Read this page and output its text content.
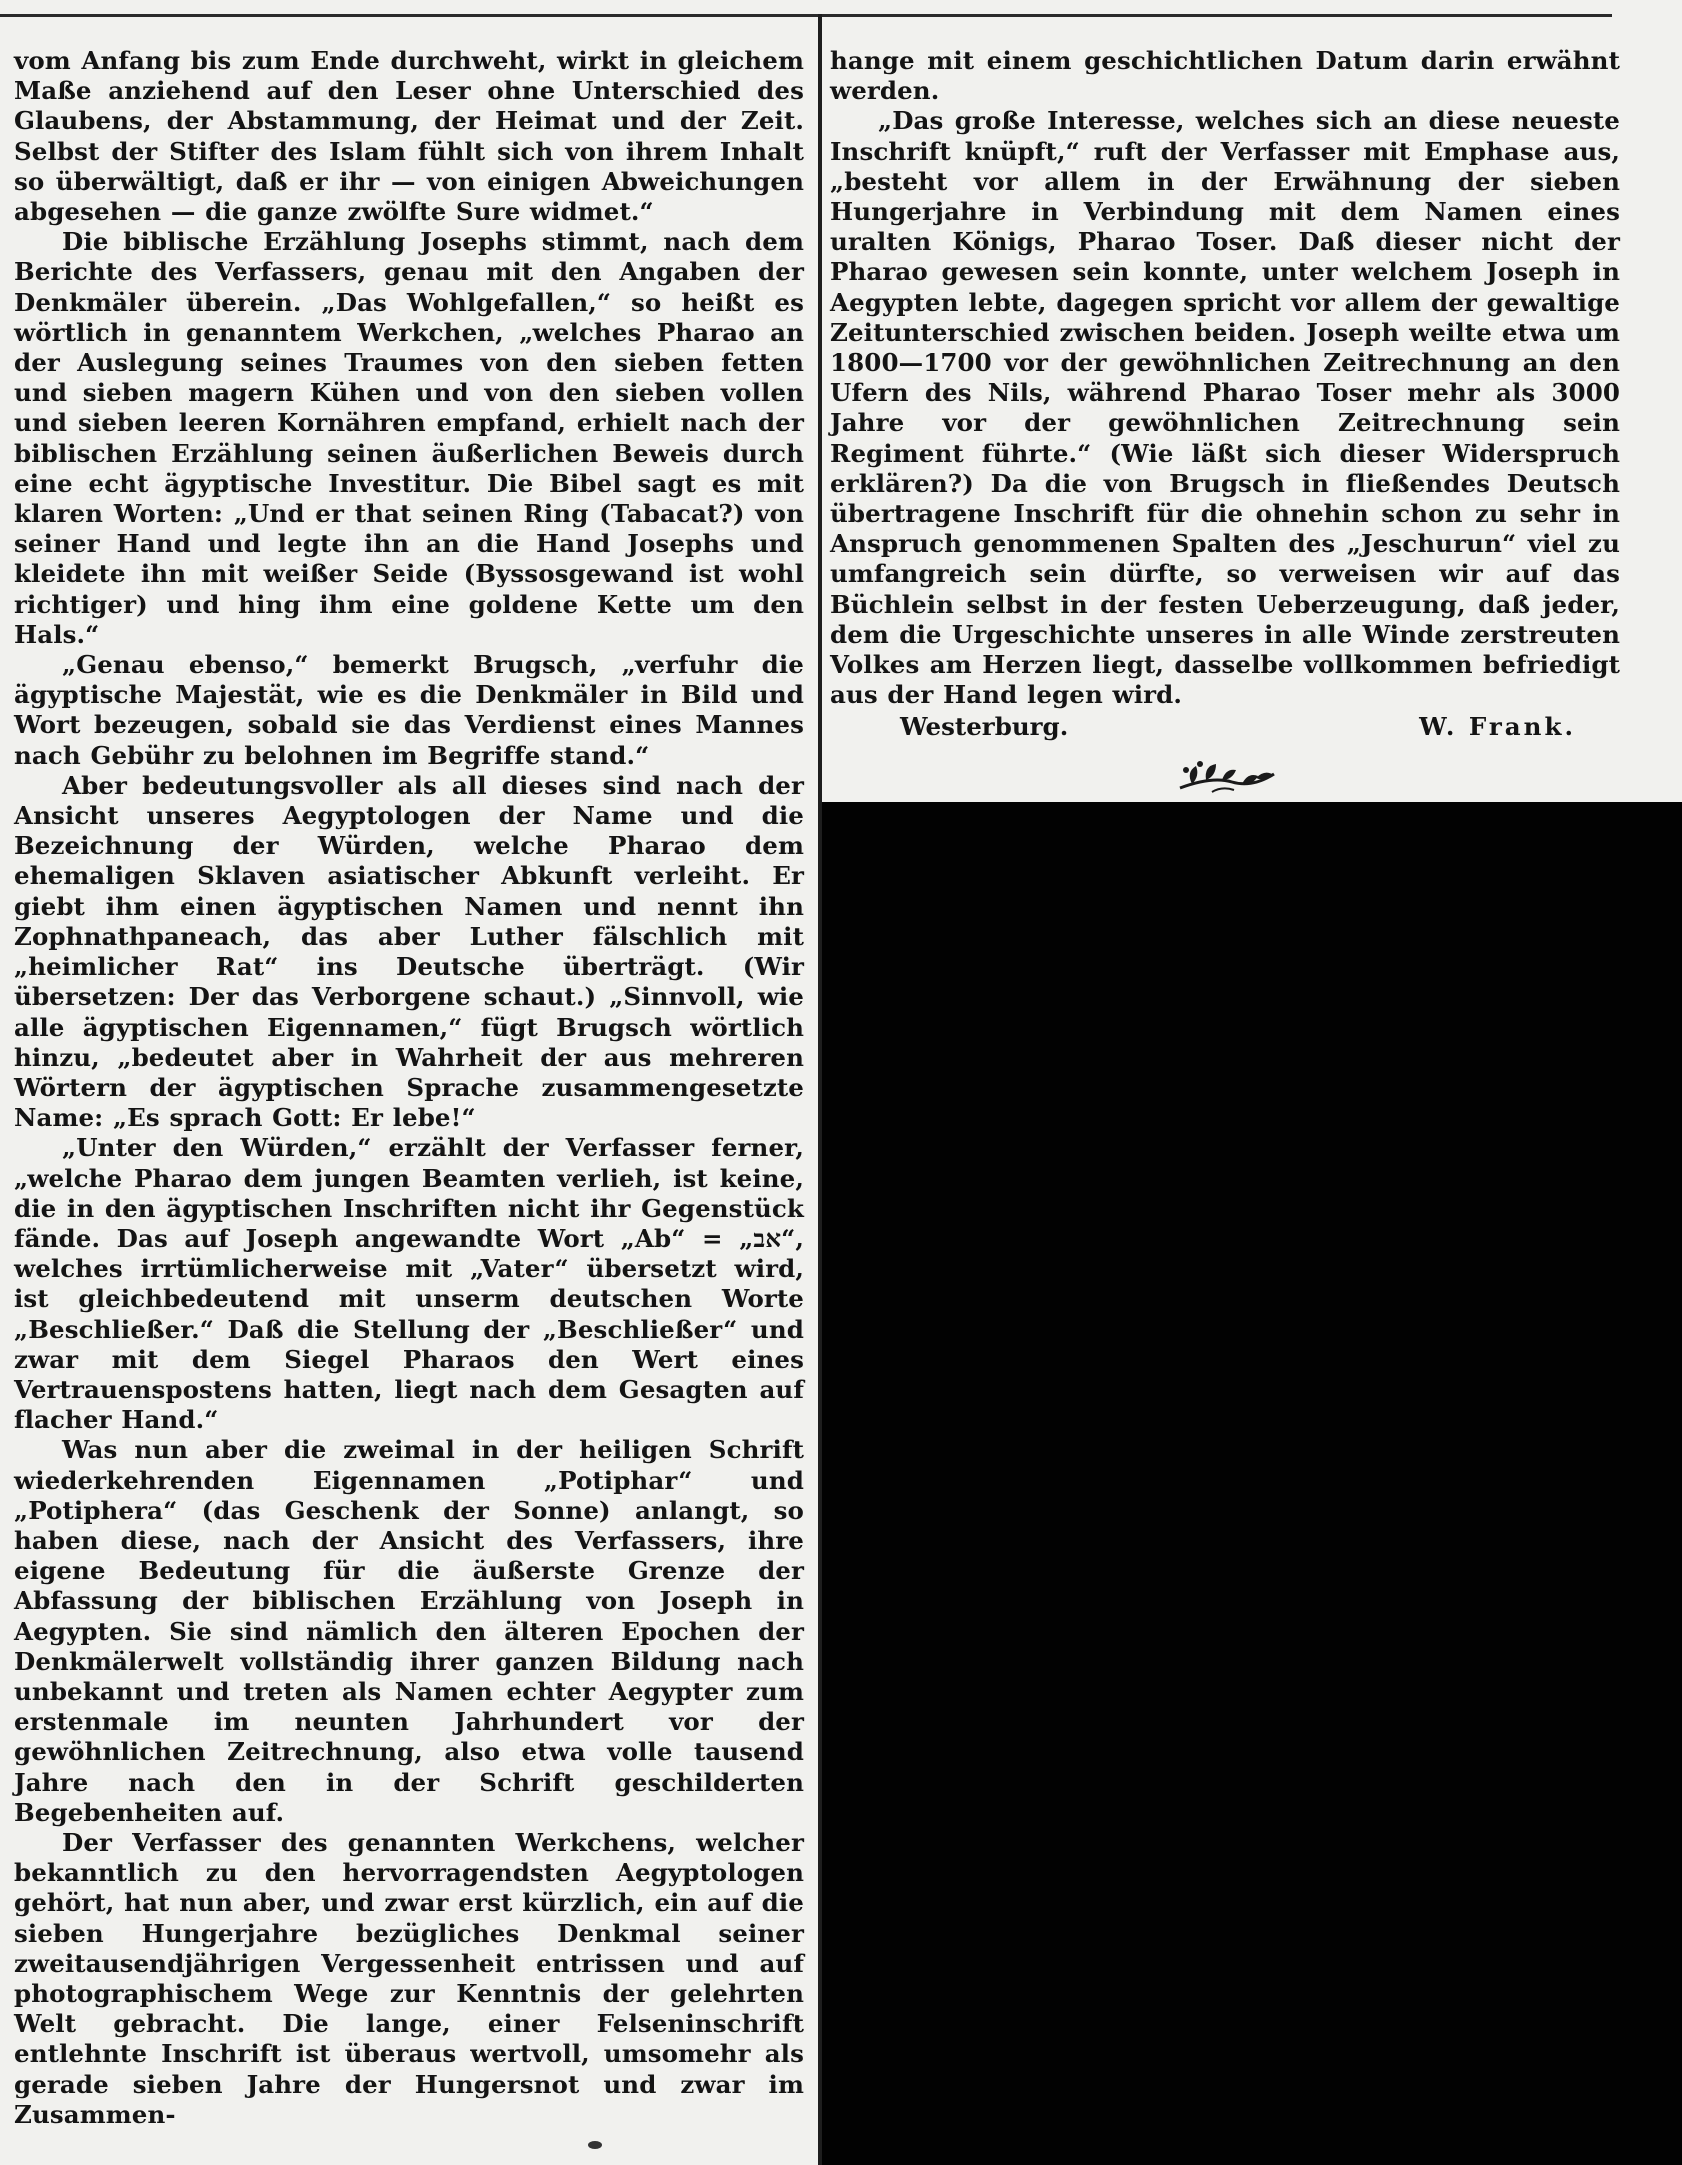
vom Anfang bis zum Ende durchweht, wirkt in gleichem Maße anziehend auf den Leser ohne Unterschied des Glaubens, der Abstammung, der Heimat und der Zeit. Selbst der Stifter des Islam fühlt sich von ihrem Inhalt so überwältigt, daß er ihr — von einigen Abweichungen abgesehen — die ganze zwölfte Sure widmet.“

Die biblische Erzählung Josephs stimmt, nach dem Berichte des Verfassers, genau mit den Angaben der Denkmäler überein. „Das Wohlgefallen,“ so heißt es wörtlich in genanntem Werkchen, „welches Pharao an der Auslegung seines Traumes von den sieben fetten und sieben magern Kühen und von den sieben vollen und sieben leeren Kornähren empfand, erhielt nach der biblischen Erzählung seinen äußerlichen Beweis durch eine echt ägyptische Investitur. Die Bibel sagt es mit klaren Worten: „Und er that seinen Ring (Tabacat?) von seiner Hand und legte ihn an die Hand Josephs und kleidete ihn mit weißer Seide (Byssosgewand ist wohl richtiger) und hing ihm eine goldene Kette um den Hals.“

„Genau ebenso,“ bemerkt Brugsch, „verfuhr die ägyptische Majestät, wie es die Denkmäler in Bild und Wort bezeugen, sobald sie das Verdienst eines Mannes nach Gebühr zu belohnen im Begriffe stand.“

Aber bedeutungsvoller als all dieses sind nach der Ansicht unseres Aegyptologen der Name und die Bezeichnung der Würden, welche Pharao dem ehemaligen Sklaven asiatischer Abkunft verleiht. Er giebt ihm einen ägyptischen Namen und nennt ihn Zophnathpaneach, das aber Luther fälschlich mit „heimlicher Rat“ ins Deutsche überträgt. (Wir übersetzen: Der das Verborgene schaut.) „Sinnvoll, wie alle ägyptischen Eigennamen,“ fügt Brugsch wörtlich hinzu, „bedeutet aber in Wahrheit der aus mehreren Wörtern der ägyptischen Sprache zusammengesetzte Name: „Es sprach Gott: Er lebe!“

„Unter den Würden,“ erzählt der Verfasser ferner, „welche Pharao dem jungen Beamten verlieh, ist keine, die in den ägyptischen Inschriften nicht ihr Gegenstück fände. Das auf Joseph angewandte Wort „Ab“ = „אב“, welches irrtümlicherweise mit „Vater“ übersetzt wird, ist gleichbedeutend mit unserm deutschen Worte „Beschließer.“ Daß die Stellung der „Beschließer“ und zwar mit dem Siegel Pharaos den Wert eines Vertrauenspostens hatten, liegt nach dem Gesagten auf flacher Hand.“

Was nun aber die zweimal in der heiligen Schrift wiederkehrenden Eigennamen „Potiphar“ und „Potiphera“ (das Geschenk der Sonne) anlangt, so haben diese, nach der Ansicht des Verfassers, ihre eigene Bedeutung für die äußerste Grenze der Abfassung der biblischen Erzählung von Joseph in Aegypten. Sie sind nämlich den älteren Epochen der Denkmälerwelt vollständig ihrer ganzen Bildung nach unbekannt und treten als Namen echter Aegypter zum erstenmale im neunten Jahrhundert vor der gewöhnlichen Zeitrechnung, also etwa volle tausend Jahre nach den in der Schrift geschilderten Begebenheiten auf.

Der Verfasser des genannten Werkchens, welcher bekanntlich zu den hervorragendsten Aegyptologen gehört, hat nun aber, und zwar erst kürzlich, ein auf die sieben Hungerjahre bezügliches Denkmal seiner zweitausendjährigen Vergessenheit entrissen und auf photographischem Wege zur Kenntnis der gelehrten Welt gebracht. Die lange, einer Felseninschrift entlehnte Inschrift ist überaus wertvoll, umsomehr als gerade sieben Jahre der Hungersnot und zwar im Zusammen-

hange mit einem geschichtlichen Datum darin erwähnt werden.

„Das große Interesse, welches sich an diese neueste Inschrift knüpft,“ ruft der Verfasser mit Emphase aus, „besteht vor allem in der Erwähnung der sieben Hungerjahre in Verbindung mit dem Namen eines uralten Königs, Pharao Toser. Daß dieser nicht der Pharao gewesen sein konnte, unter welchem Joseph in Aegypten lebte, dagegen spricht vor allem der gewaltige Zeitunterschied zwischen beiden. Joseph weilte etwa um 1800—1700 vor der gewöhnlichen Zeitrechnung an den Ufern des Nils, während Pharao Toser mehr als 3000 Jahre vor der gewöhnlichen Zeitrechnung sein Regiment führte.“ (Wie läßt sich dieser Widerspruch erklären?) Da die von Brugsch in fließendes Deutsch übertragene Inschrift für die ohnehin schon zu sehr in Anspruch genommenen Spalten des „Jeschurun“ viel zu umfangreich sein dürfte, so verweisen wir auf das Büchlein selbst in der festen Ueberzeugung, daß jeder, dem die Urgeschichte unseres in alle Winde zerstreuten Volkes am Herzen liegt, dasselbe vollkommen befriedigt aus der Hand legen wird.

Westerburg.	W. Frank.
